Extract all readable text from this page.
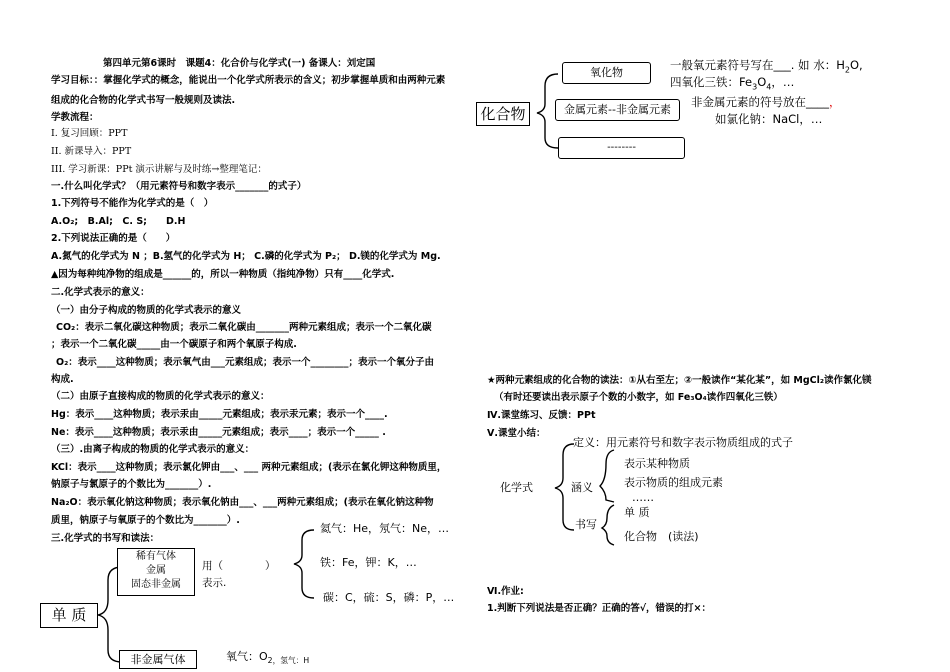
第四单元第6课时　课题4：化合价与化学式(一) 备课人：刘定国
学习目标：：掌握化学式的概念，能说出一个化学式所表示的含义；初步掌握单质和由两种元素
组成的化合物的化学式书写一般规则及读法.
学教流程：
I. 复习回顾：PPT
II. 新课导入：PPT
III. 学习新课：PPt 演示讲解与及时练→整理笔记：
一.什么叫化学式？（用元素符号和数字表示_______的式子）
1.下列符号不能作为化学式的是（　）
A.O₂;　B.Al;　C. S;　　D.H
2.下列说法正确的是（　　）
A.氮气的化学式为 N ；B.氢气的化学式为 H； C.磷的化学式为 P₂； D.镁的化学式为 Mg.
▲因为每种纯净物的组成是______的，所以一种物质（指纯净物）只有____化学式.
二.化学式表示的意义：
（一）由分子构成的物质的化学式表示的意义
CO₂：表示二氧化碳这种物质；表示二氧化碳由_______两种元素组成；表示一个二氧化碳
；表示一个二氧化碳_____由一个碳原子和两个氧原子构成.
O₂：表示____这种物质；表示氧气由___元素组成；表示一个________；表示一个氧分子由
构成.
（二）由原子直接构成的物质的化学式表示的意义：
Hg：表示____这种物质；表示汞由_____元素组成；表示汞元素；表示一个____.
Ne：表示____这种物质；表示汞由_____元素组成；表示____；表示一个_____ .
（三）.由离子构成的物质的化学式表示的意义：
KCl：表示____这种物质；表示氯化钾由___、___ 两种元素组成；(表示在氯化钾这种物质里，
钠原子与氯原子的个数比为_______）.
Na₂O：表示氧化钠这种物质；表示氧化钠由___、___两种元素组成；(表示在氧化钠这种物
质里，钠原子与氧原子的个数比为_______）.
三.化学式的书写和读法：
单 质
稀有气体
金属
固态非金属
用（　　　　）
表示.
氦气：He，氖气：Ne，…
铁：Fe，钾：K，…
碳：C，硫：S，磷：P，…
非金属气体	氧气：$O_{2,氢气:H}$
化合物
氧化物
金属元素--非金属元素
--------
一般氧元素符号写在___. 如 水：$H_2O$,
四氧化三铁：$Fe_3O_4$，…
非金属元素的符号放在____，
如氯化钠：NaCl，…
★两种元素组成的化合物的读法：①从右至左；②一般读作“某化某”，如 MgCl₂读作氯化镁
（有时还要读出表示原子个数的小数字，如 Fe₃O₄读作四氧化三铁）
Ⅳ.课堂练习、反馈：PPt
Ⅴ.课堂小结：
化学式
定义：用元素符号和数字表示物质组成的式子
涵义
表示某种物质
表示物质的组成元素
……
书写
单 质
化合物　(读法)
Ⅵ.作业:
1.判断下列说法是否正确？正确的答√，错误的打×：
